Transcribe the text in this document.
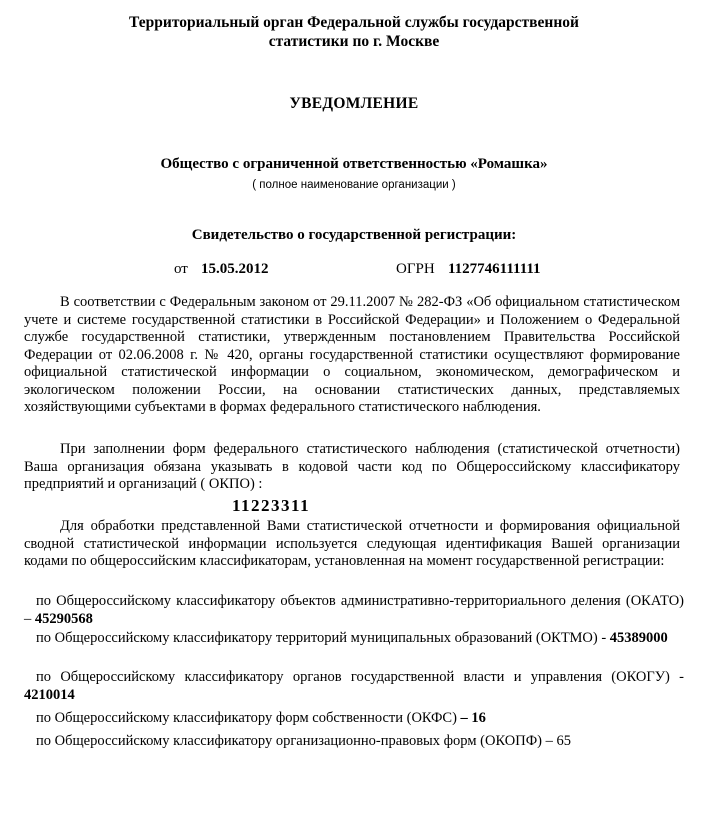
Территориальный орган Федеральной службы государственной
статистики по г. Москве
УВЕДОМЛЕНИЕ
Общество с ограниченной ответственностью «Ромашка»
( полное наименование организации )
Свидетельство о государственной регистрации:
от 15.05.2012	ОГРН 1127746111111

В соответствии с Федеральным законом от 29.11.2007 № 282-ФЗ «Об официальном статистическом учете и системе государственной статистики в Российской Федерации» и Положением о Федеральной службе государственной статистики, утвержденным постановлением Правительства Российской Федерации от 02.06.2008 г. № 420, органы государственной статистики осуществляют формирование официальной статистической информации о социальном, экономическом, демографическом и экологическом положении России, на основании статистических данных, представляемых хозяйствующими субъектами в формах федерального статистического наблюдения.

При заполнении форм федерального статистического наблюдения (статистической отчетности) Ваша организация обязана указывать в кодовой части код по Общероссийскому классификатору предприятий и организаций ( ОКПО) :

11223311

Для обработки представленной Вами статистической отчетности и формирования официальной сводной статистической информации используется следующая идентификация Вашей организации кодами по общероссийским классификаторам, установленная на момент государственной регистрации:

по Общероссийскому классификатору объектов административно-территориального деления (ОКАТО) – 45290568

по Общероссийскому классификатору территорий муниципальных образований (ОКТМО) - 45389000

по Общероссийскому классификатору органов государственной власти и управления (ОКОГУ) - 4210014

по Общероссийскому классификатору форм собственности (ОКФС) – 16

по Общероссийскому классификатору организационно-правовых форм (ОКОПФ) – 65
